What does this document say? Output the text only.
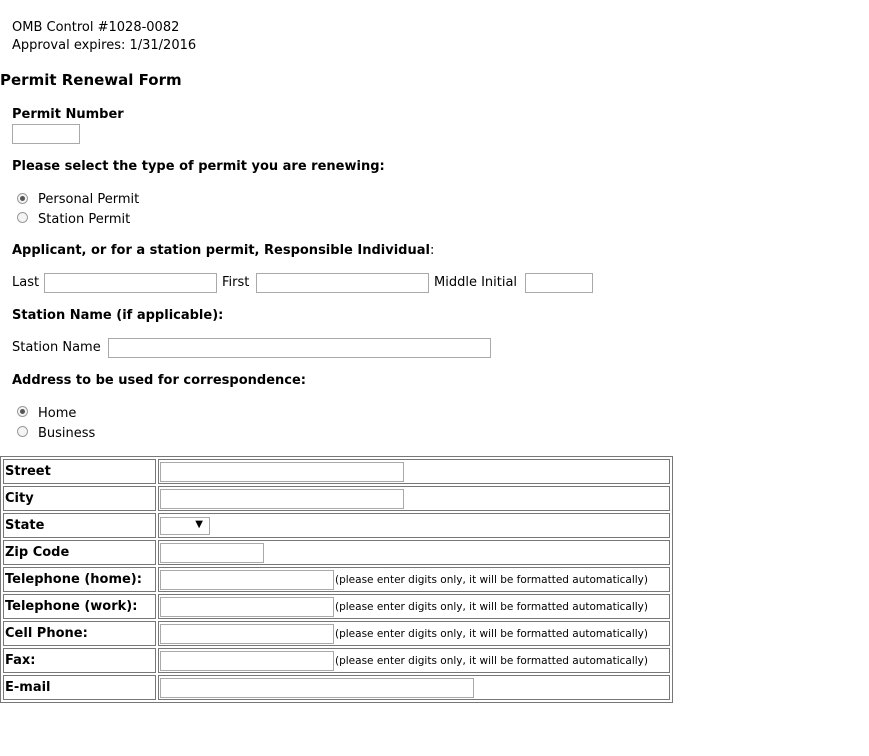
OMB Control #1028-0082
Approval expires: 1/31/2016
Permit Renewal Form
Permit Number
Please select the type of permit you are renewing:
Personal Permit
Station Permit
Applicant, or for a station permit, Responsible Individual:
Last	First	Middle Initial
Station Name (if applicable):
Station Name
Address to be used for correspondence:
Home
Business
Street	
City	
State	▼

Zip Code	
Telephone (home):	(please enter digits only, it will be formatted automatically)
Telephone (work):	(please enter digits only, it will be formatted automatically)
Cell Phone:	(please enter digits only, it will be formatted automatically)
Fax:	(please enter digits only, it will be formatted automatically)
E-mail	
